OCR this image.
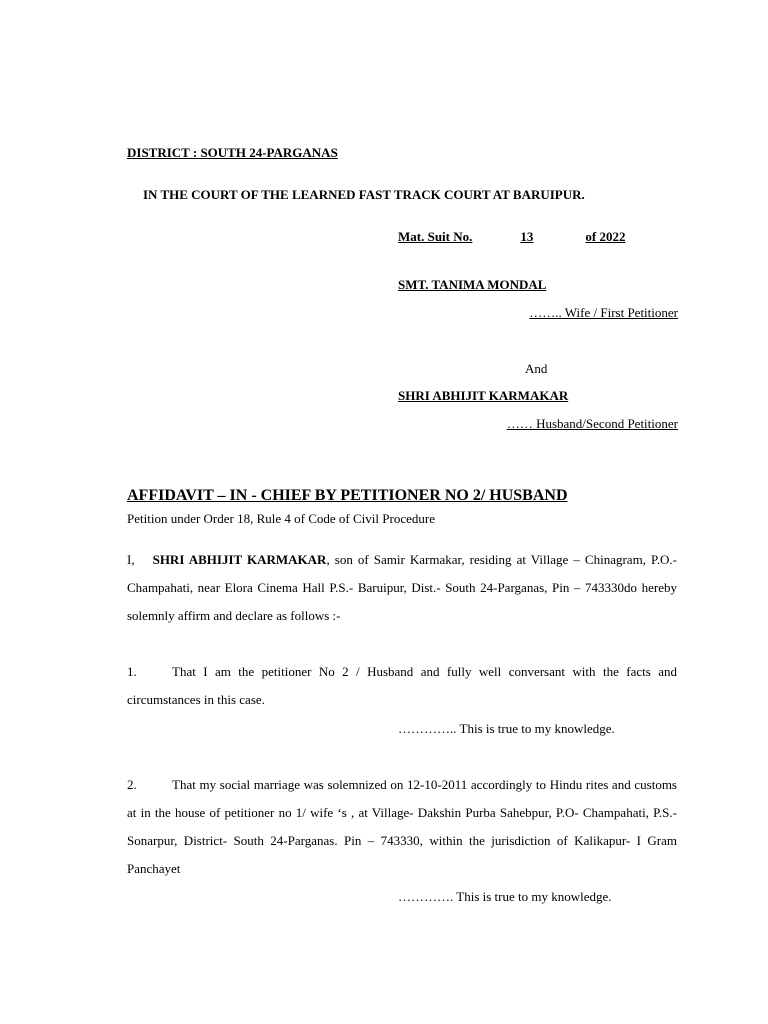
DISTRICT : SOUTH 24-PARGANAS
IN THE COURT OF THE LEARNED FAST TRACK COURT AT BARUIPUR.
Mat. Suit No.	13	of 2022
SMT. TANIMA MONDAL
…….. Wife / First Petitioner
And
SHRI ABHIJIT KARMAKAR
…… Husband/Second Petitioner
AFFIDAVIT – IN - CHIEF BY PETITIONER NO 2/ HUSBAND
Petition under Order 18, Rule 4 of Code of Civil Procedure
I, SHRI ABHIJIT KARMAKAR, son of Samir Karmakar, residing at Village – Chinagram, P.O.- Champahati, near Elora Cinema Hall P.S.- Baruipur, Dist.- South 24-Parganas, Pin – 743330do hereby solemnly affirm and declare as follows :-
1.	That I am the petitioner No 2 / Husband and fully well conversant with the facts and circumstances in this case.
………….. This is true to my knowledge.
2.	That my social marriage was solemnized on 12-10-2011 accordingly to Hindu rites and customs at in the house of petitioner no 1/ wife ‘s , at Village- Dakshin Purba Sahebpur, P.O- Champahati, P.S.- Sonarpur, District- South 24-Parganas. Pin – 743330, within the jurisdiction of Kalikapur- I Gram Panchayet
…………. This is true to my knowledge.
